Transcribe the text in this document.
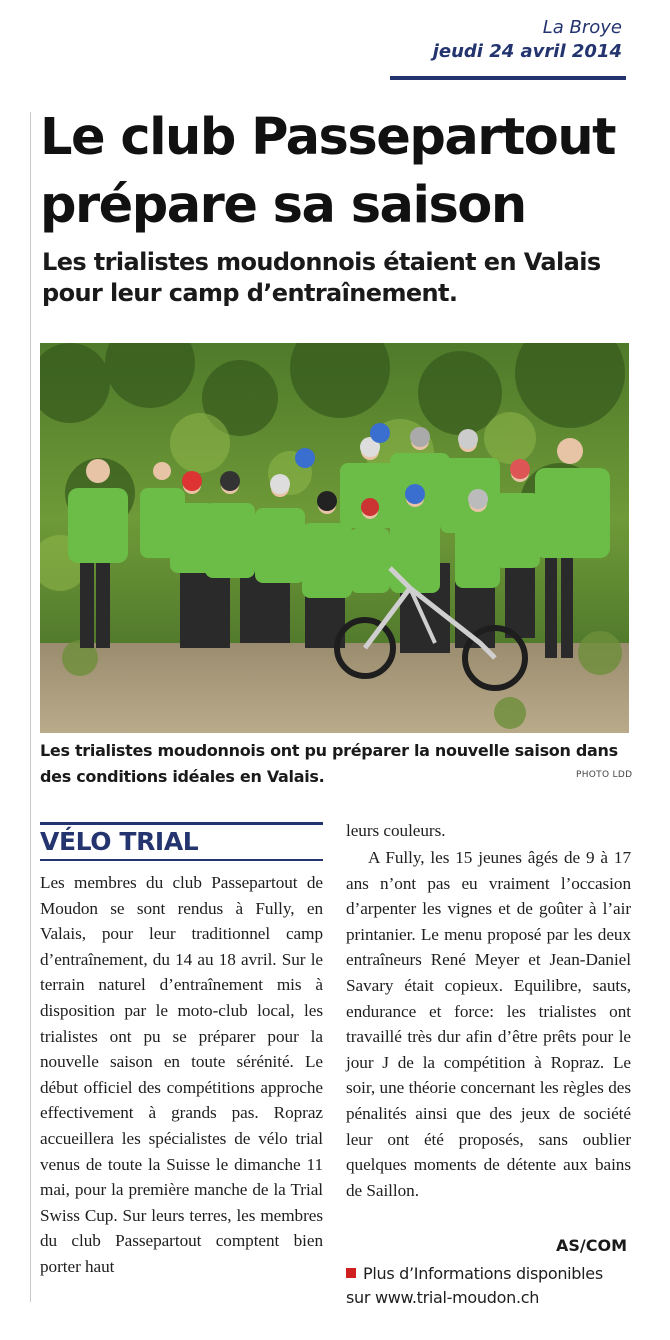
La Broye
jeudi 24 avril 2014
Le club Passepartout prépare sa saison

Les trialistes moudonnois étaient en Valais pour leur camp d’entraînement.

Les trialistes moudonnois ont pu préparer la nouvelle saison dans des conditions idéales en Valais.	PHOTO LDD
VÉLO TRIAL

Les membres du club Passepartout de Moudon se sont rendus à Fully, en Valais, pour leur traditionnel camp d’entraînement, du 14 au 18 avril. Sur le terrain naturel d’entraînement mis à disposition par le moto-club local, les trialistes ont pu se préparer pour la nouvelle saison en toute sérénité. Le début officiel des compétitions approche effectivement à grands pas. Ropraz accueillera les spécialistes de vélo trial venus de toute la Suisse le dimanche 11 mai, pour la première manche de la Trial Swiss Cup. Sur leurs terres, les membres du club Passepartout comptent bien porter haut

leurs couleurs.

A Fully, les 15 jeunes âgés de 9 à 17 ans n’ont pas eu vraiment l’occasion d’arpenter les vignes et de goûter à l’air printanier. Le menu proposé par les deux entraîneurs René Meyer et Jean-Daniel Savary était copieux. Equilibre, sauts, endurance et force: les trialistes ont travaillé très dur afin d’être prêts pour le jour J de la compétition à Ropraz. Le soir, une théorie concernant les règles des pénalités ainsi que des jeux de société leur ont été proposés, sans oublier quelques moments de détente aux bains de Saillon.

AS/COM
Plus d’Informations disponibles
sur www.trial-moudon.ch
